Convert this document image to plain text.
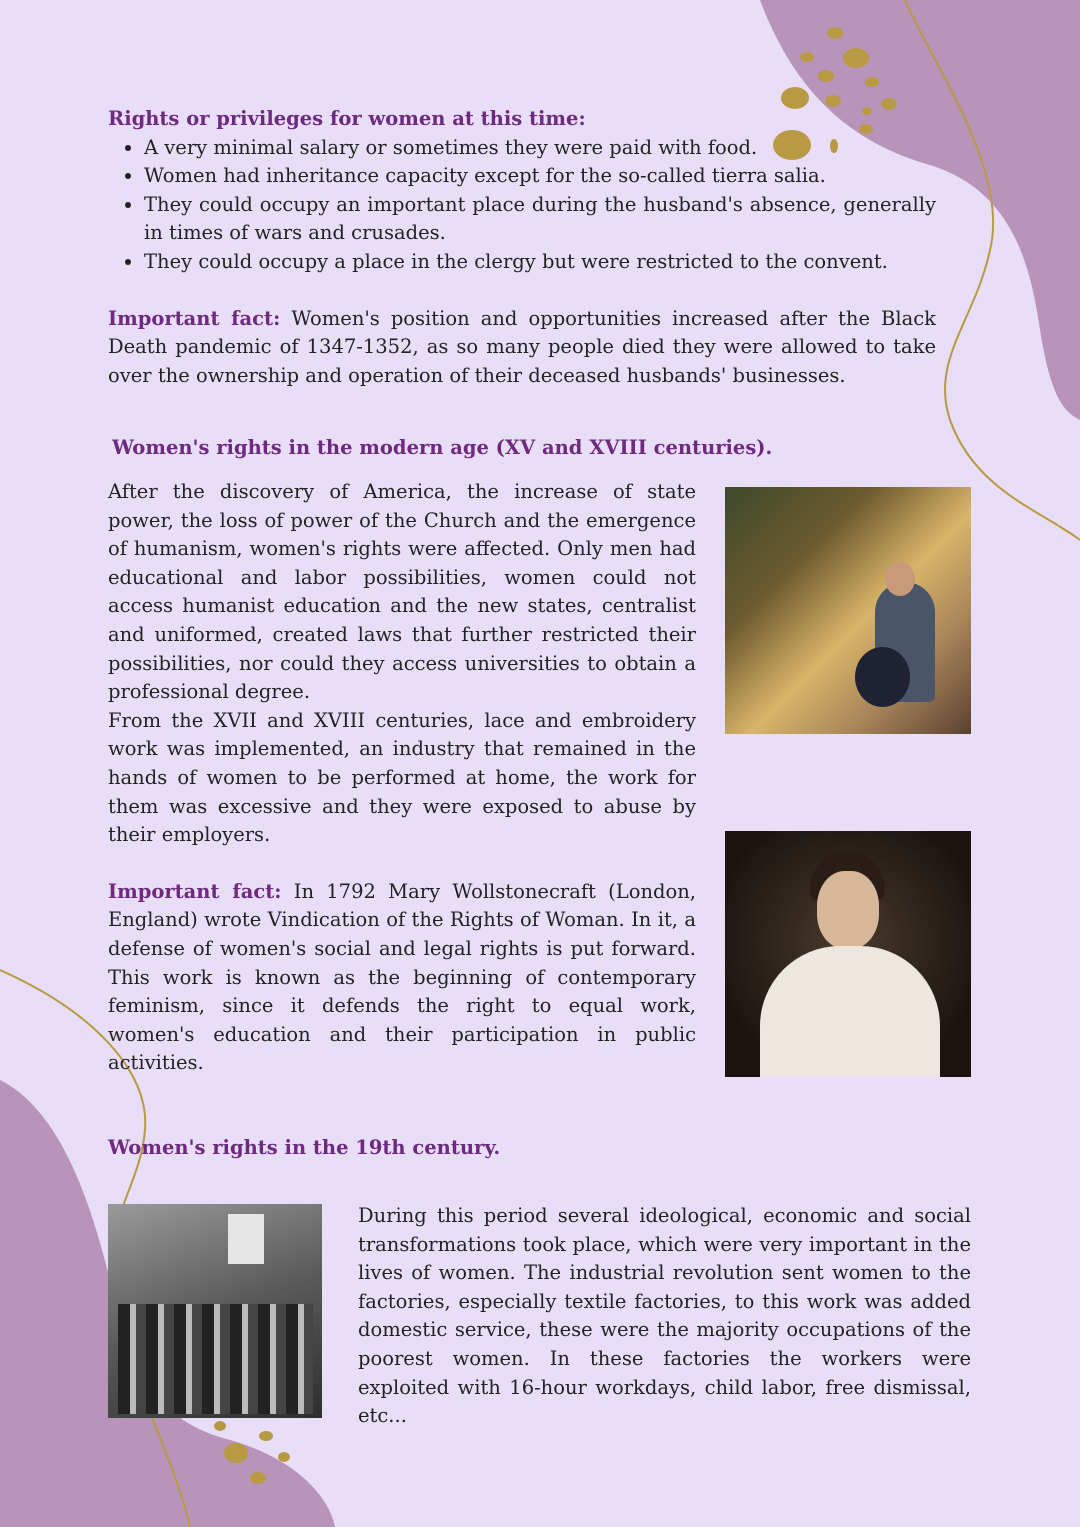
Rights or privileges for women at this time:
• A very minimal salary or sometimes they were paid with food.
• Women had inheritance capacity except for the so-called tierra salia.
• They could occupy an important place during the husband's absence, generally in times of wars and crusades.
• They could occupy a place in the clergy but were restricted to the convent.

Important fact: Women's position and opportunities increased after the Black Death pandemic of 1347-1352, as so many people died they were allowed to take over the ownership and operation of their deceased husbands' businesses.

Women's rights in the modern age (XV and XVIII centuries).

After the discovery of America, the increase of state power, the loss of power of the Church and the emergence of humanism, women's rights were affected. Only men had educational and labor possibilities, women could not access humanist education and the new states, centralist and uniformed, created laws that further restricted their possibilities, nor could they access universities to obtain a professional degree.

From the XVII and XVIII centuries, lace and embroidery work was implemented, an industry that remained in the hands of women to be performed at home, the work for them was excessive and they were exposed to abuse by their employers.

Important fact: In 1792 Mary Wollstonecraft (London, England) wrote Vindication of the Rights of Woman. In it, a defense of women's social and legal rights is put forward. This work is known as the beginning of contemporary feminism, since it defends the right to equal work, women's education and their participation in public activities.

Women's rights in the 19th century.

During this period several ideological, economic and social transformations took place, which were very important in the lives of women. The industrial revolution sent women to the factories, especially textile factories, to this work was added domestic service, these were the majority occupations of the poorest women. In these factories the workers were exploited with 16-hour workdays, child labor, free dismissal, etc...
